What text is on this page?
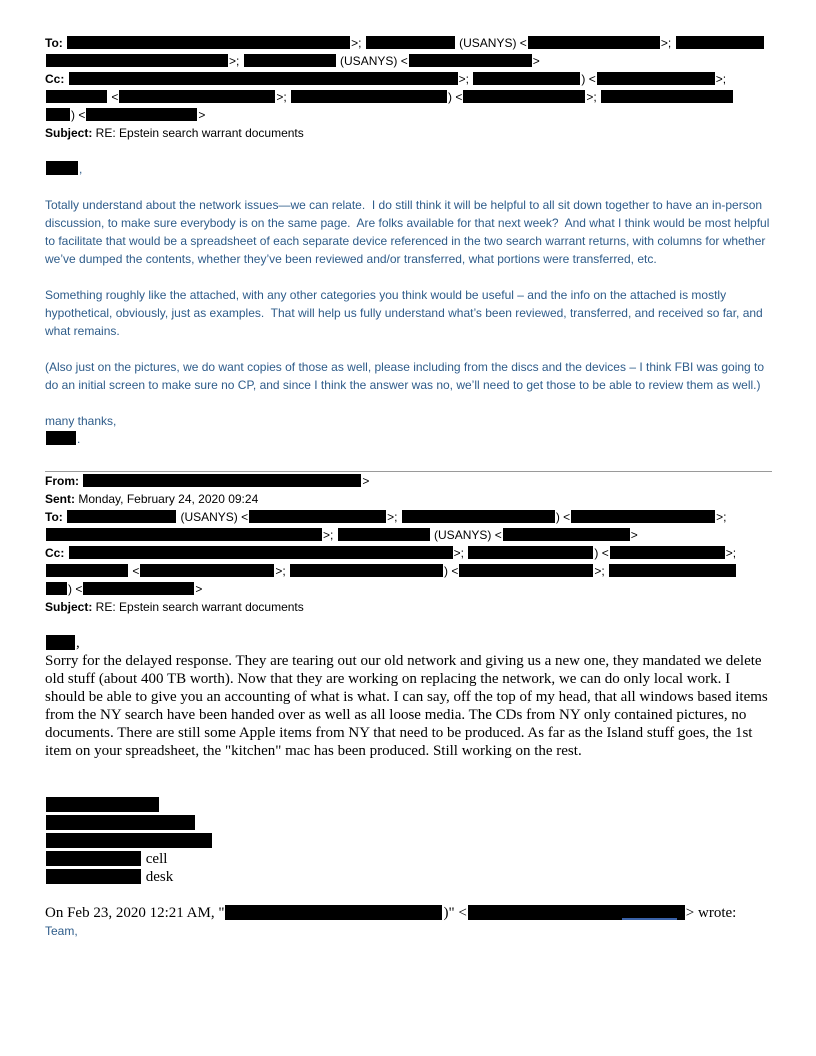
To:	>;	(USANYS) <	>;
>;	(USANYS) <	>
Cc:	>;	) <	>;
<	>;	) <	>;
) <	>
Subject: RE: Epstein search warrant documents
,

Totally understand about the network issues—we can relate.  I do still think it will be helpful to all sit down together to have an in-person discussion, to make sure everybody is on the same page.  Are folks available for that next week?  And what I think would be most helpful to facilitate that would be a spreadsheet of each separate device referenced in the two search warrant returns, with columns for whether we’ve dumped the contents, whether they’ve been reviewed and/or transferred, what portions were transferred, etc.

Something roughly like the attached, with any other categories you think would be useful – and the info on the attached is mostly hypothetical, obviously, just as examples.  That will help us fully understand what’s been reviewed, transferred, and received so far, and what remains.

(Also just on the pictures, we do want copies of those as well, please including from the discs and the devices – I think FBI was going to do an initial screen to make sure no CP, and since I think the answer was no, we’ll need to get those to be able to review them as well.)

many thanks,
.
From:	>
Sent: Monday, February 24, 2020 09:24
To:	(USANYS) <	>;	) <	>;
>;	(USANYS) <	>
Cc:	>;	) <	>;
<	>;	) <	>;
) <	>
Subject: RE: Epstein search warrant documents
,

Sorry for the delayed response. They are tearing out our old network and giving us a new one, they mandated we delete old stuff (about 400 TB worth). Now that they are working on replacing the network, we can do only local work. I should be able to give you an accounting of what is what. I can say, off the top of my head, that all windows based items from the NY search have been handed over as well as all loose media. The CDs from NY only contained pictures, no documents. There are still some Apple items from NY that need to be produced. As far as the Island stuff goes, the 1st item on your spreadsheet, the "kitchen" mac has been produced. Still working on the rest.

cell
desk
On Feb 23, 2020 12:21 AM, "	)" <	> wrote:
Team,
